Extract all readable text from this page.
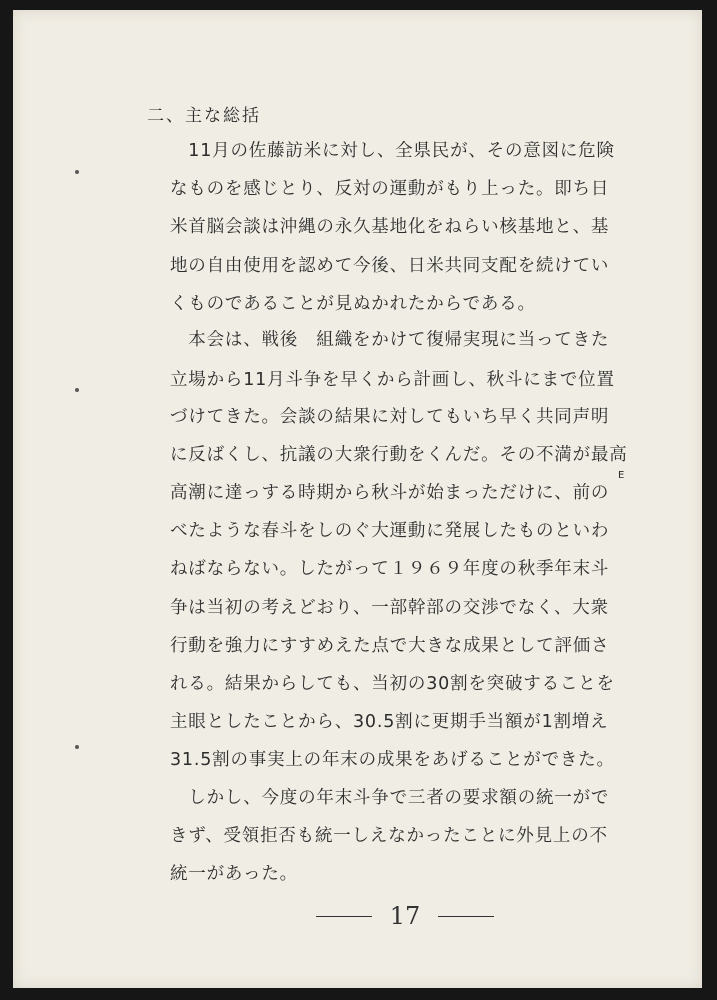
二、主な総括
　11月の佐藤訪米に対し、全県民が、その意図に危険
なものを感じとり、反対の運動がもり上った。即ち日
米首脳会談は沖縄の永久基地化をねらい核基地と、基
地の自由使用を認めて今後、日米共同支配を続けてい
くものであることが見ぬかれたからである。
　本会は、戦後　組織をかけて復帰実現に当ってきた
立場から11月斗争を早くから計画し、秋斗にまで位置
づけてきた。会談の結果に対してもいち早く共同声明
に反ばくし、抗議の大衆行動をくんだ。その不満が最高
高潮に達っする時期から秋斗が始まっただけに、前の
べたような春斗をしのぐ大運動に発展したものといわ
ねばならない。したがって１９６９年度の秋季年末斗
争は当初の考えどおり、一部幹部の交渉でなく、大衆
行動を強力にすすめえた点で大きな成果として評価さ
れる。結果からしても、当初の30割を突破することを
主眼としたことから、30.5割に更期手当額が1割増え
31.5割の事実上の年末の成果をあげることができた。
　しかし、今度の年末斗争で三者の要求額の統一がで
きず、受領拒否も統一しえなかったことに外見上の不
統一があった。
E
17
7
